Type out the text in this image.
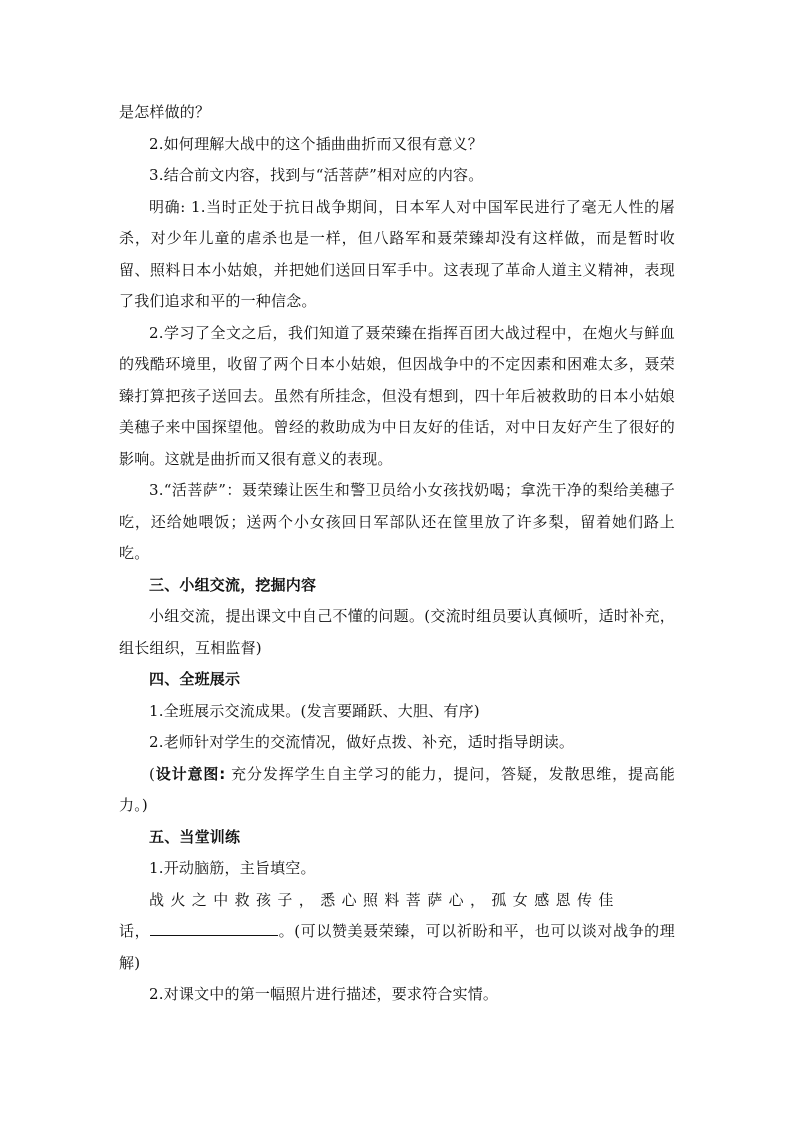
是怎样做的？

2.如何理解大战中的这个插曲曲折而又很有意义？

3.结合前文内容，找到与“活菩萨”相对应的内容。

明确: 1.当时正处于抗日战争期间，日本军人对中国军民进行了毫无人性的屠杀，对少年儿童的虐杀也是一样，但八路军和聂荣臻却没有这样做，而是暂时收留、照料日本小姑娘，并把她们送回日军手中。这表现了革命人道主义精神，表现了我们追求和平的一种信念。

2.学习了全文之后，我们知道了聂荣臻在指挥百团大战过程中，在炮火与鲜血的残酷环境里，收留了两个日本小姑娘，但因战争中的不定因素和困难太多，聂荣臻打算把孩子送回去。虽然有所挂念，但没有想到，四十年后被救助的日本小姑娘美穗子来中国探望他。曾经的救助成为中日友好的佳话，对中日友好产生了很好的影响。这就是曲折而又很有意义的表现。

3.“活菩萨”：聂荣臻让医生和警卫员给小女孩找奶喝；拿洗干净的梨给美穗子吃，还给她喂饭；送两个小女孩回日军部队还在筐里放了许多梨，留着她们路上吃。

三、小组交流，挖掘内容

小组交流，提出课文中自己不懂的问题。(交流时组员要认真倾听，适时补充，组长组织，互相监督)

四、全班展示

1.全班展示交流成果。(发言要踊跃、大胆、有序)

2.老师针对学生的交流情况，做好点拨、补充，适时指导朗读。

(设计意图: 充分发挥学生自主学习的能力，提问，答疑，发散思维，提高能力。)

五、当堂训练

1.开动脑筋，主旨填空。

战火之中救孩子，悉心照料菩萨心，孤女感恩传佳

话，	。(可以赞美聂荣臻，可以祈盼和平，也可以谈对战争的理解)

2.对课文中的第一幅照片进行描述，要求符合实情。
